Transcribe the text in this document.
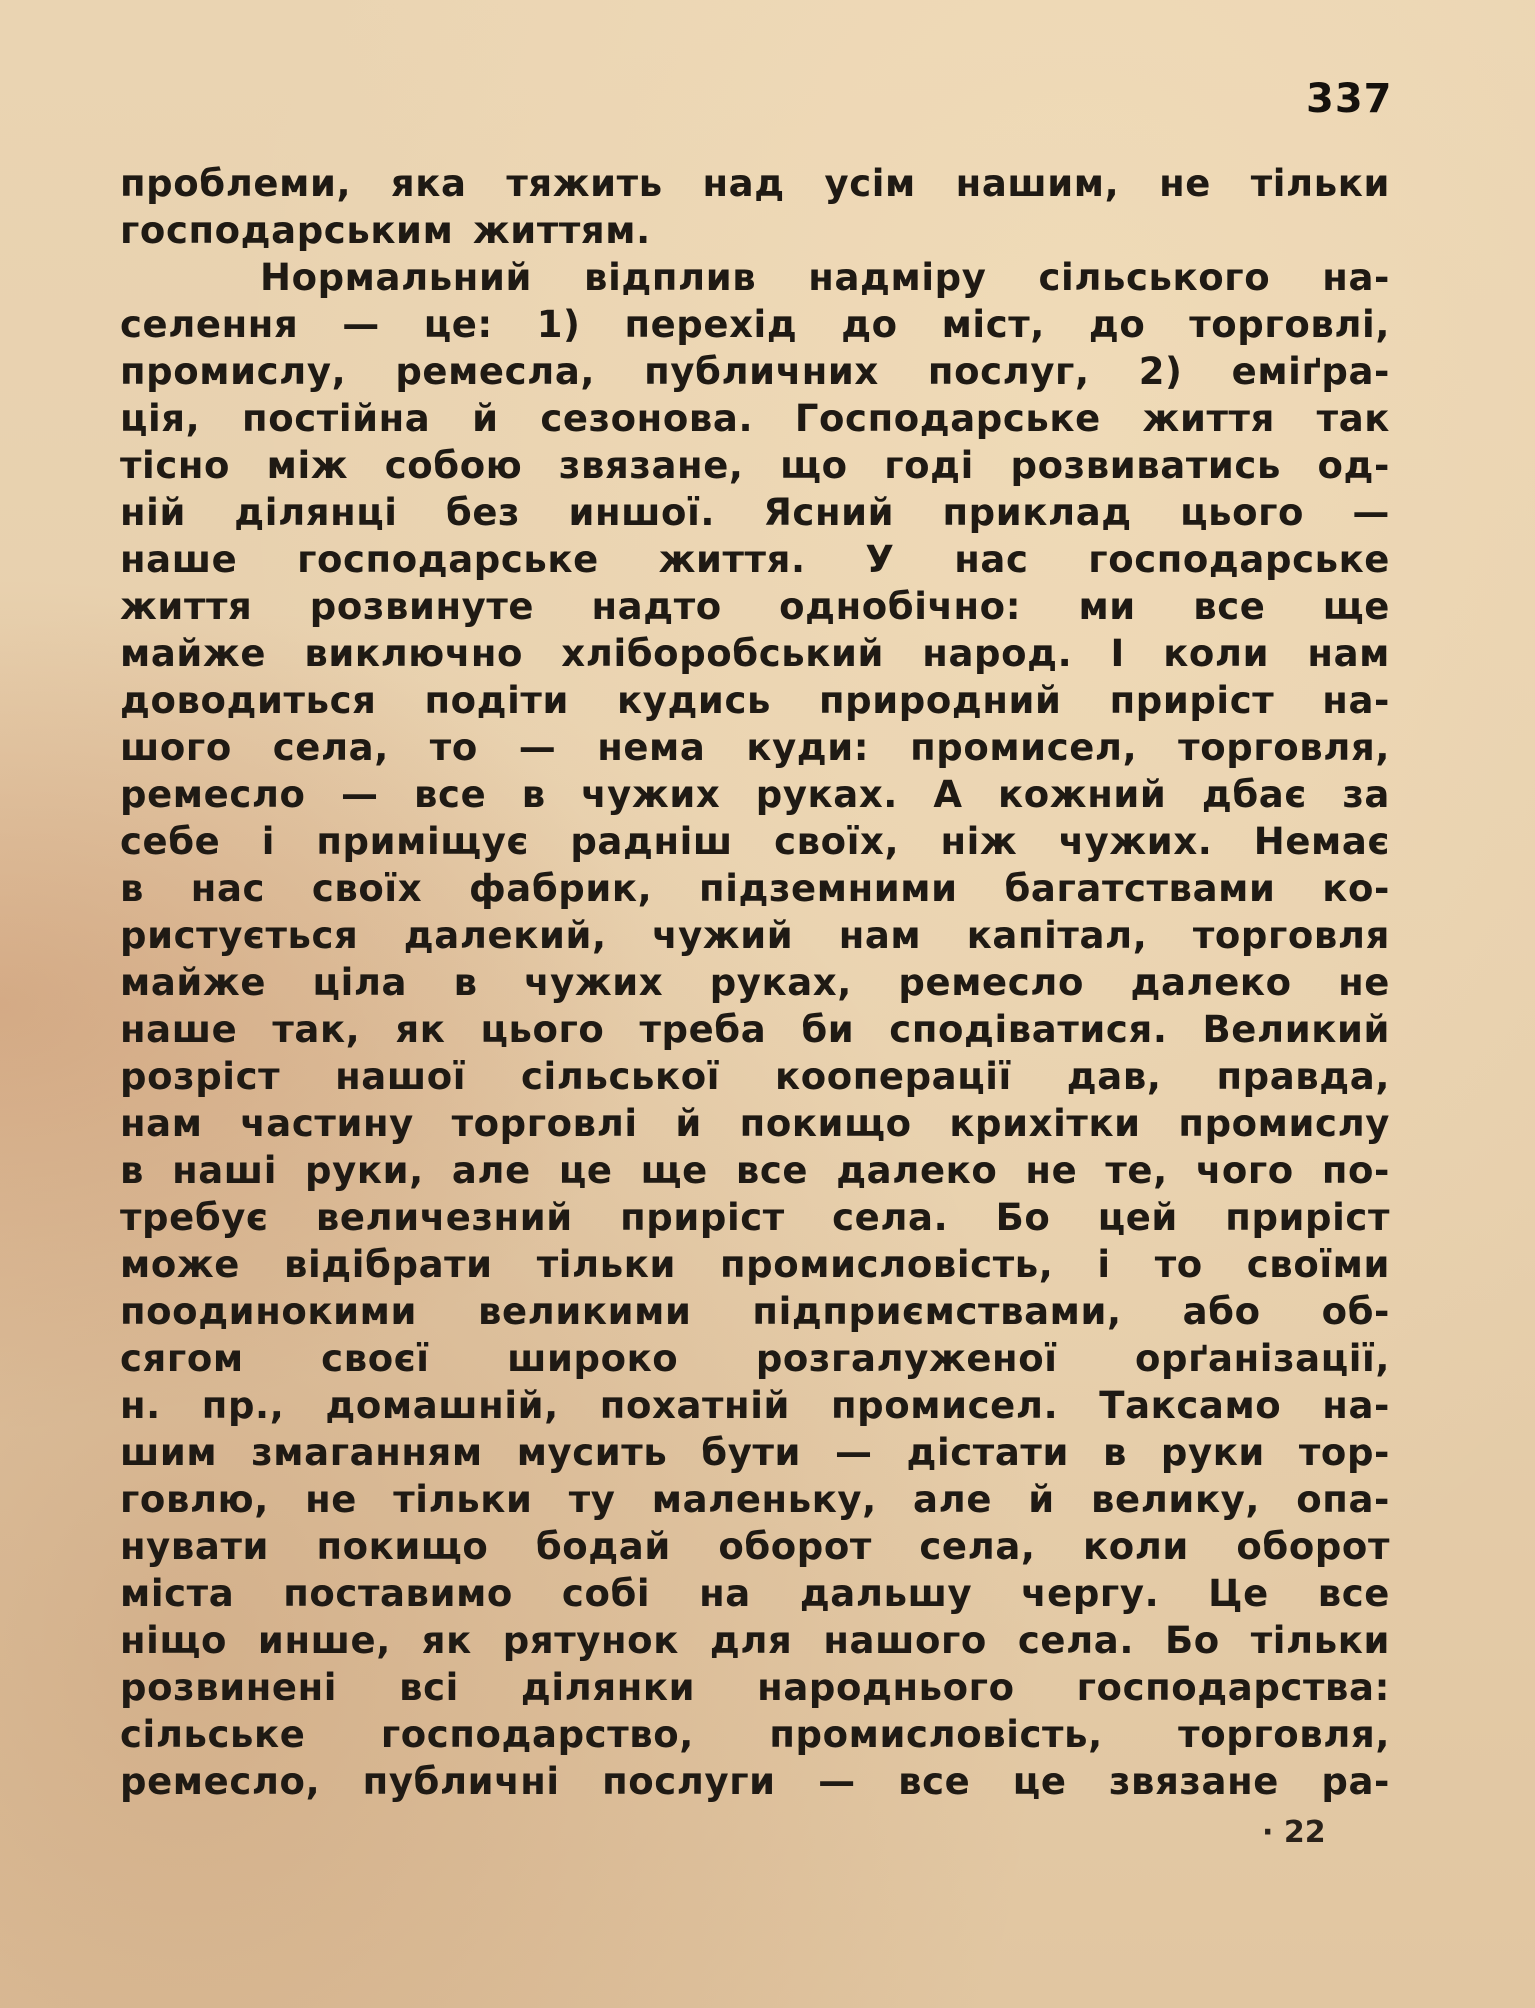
337
проблеми, яка тяжить над усім нашим, не тільки
господарським життям.
Нормальний відплив надміру сільського на-
селення — це: 1) перехід до міст, до торговлі,
промислу, ремесла, публичних послуг, 2) еміґра-
ція, постійна й сезонова. Господарське життя так
тісно між собою звязане, що годі розвиватись од-
ній ділянці без иншої. Ясний приклад цього —
наше господарське життя. У нас господарське
життя розвинуте надто однобічно: ми все ще
майже виключно хліборобський народ. І коли нам
доводиться подіти кудись природний приріст на-
шого села, то — нема куди: промисел, торговля,
ремесло — все в чужих руках. А кожний дбає за
себе і приміщує радніш своїх, ніж чужих. Немає
в нас своїх фабрик, підземними багатствами ко-
ристується далекий, чужий нам капітал, торговля
майже ціла в чужих руках, ремесло далеко не
наше так, як цього треба би сподіватися. Великий
розріст нашої сільської кооперації дав, правда,
нам частину торговлі й покищо крихітки промислу
в наші руки, але це ще все далеко не те, чого по-
требує величезний приріст села. Бо цей приріст
може відібрати тільки промисловість, і то своїми
поодинокими великими підприємствами, або об-
сягом своєї широко розгалуженої орґанізації,
н. пр., домашній, похатній промисел. Таксамо на-
шим змаганням мусить бути — дістати в руки тор-
говлю, не тільки ту маленьку, але й велику, опа-
нувати покищо бодай оборот села, коли оборот
міста поставимо собі на дальшу чергу. Це все
ніщо инше, як рятунок для нашого села. Бо тільки
розвинені всі ділянки народнього господарства:
сільське господарство, промисловість, торговля,
ремесло, публичні послуги — все це звязане ра-
· 22
